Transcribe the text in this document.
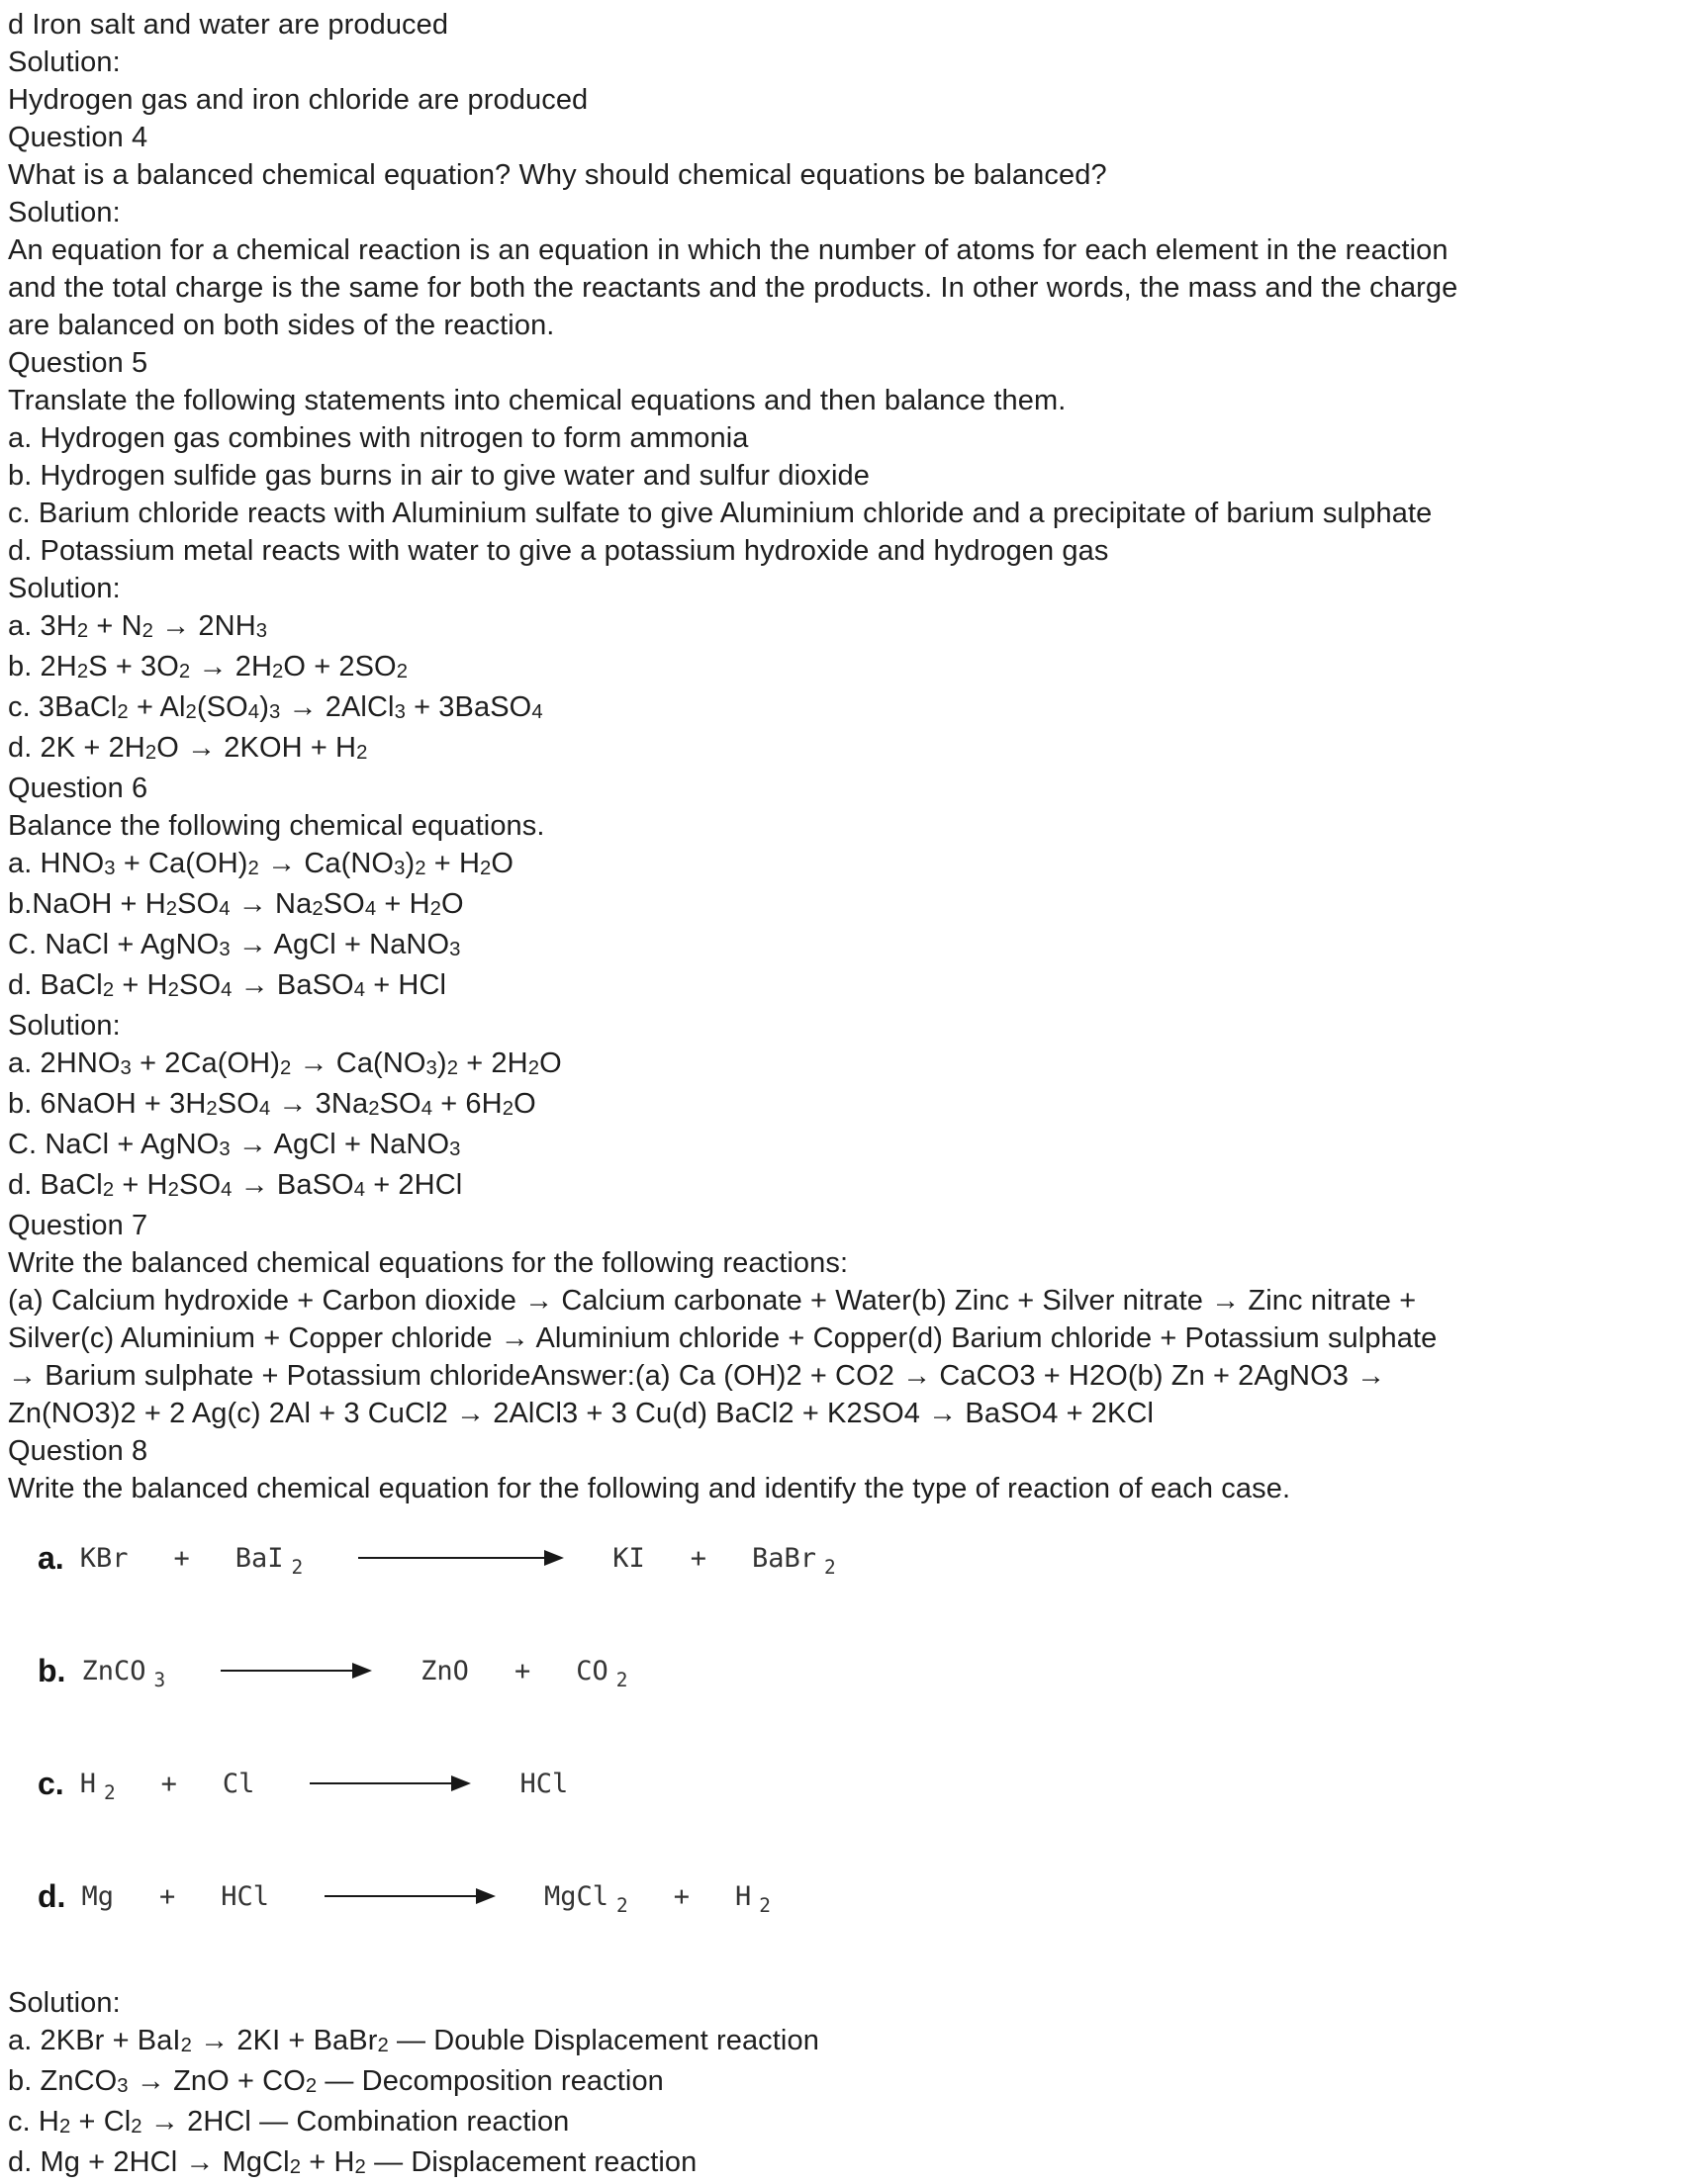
d Iron salt and water are produced
Solution:
Hydrogen gas and iron chloride are produced
Question 4
What is a balanced chemical equation? Why should chemical equations be balanced?
Solution:
An equation for a chemical reaction is an equation in which the number of atoms for each element in the reaction
and the total charge is the same for both the reactants and the products. In other words, the mass and the charge
are balanced on both sides of the reaction.
Question 5
Translate the following statements into chemical equations and then balance them.
a. Hydrogen gas combines with nitrogen to form ammonia
b. Hydrogen sulfide gas burns in air to give water and sulfur dioxide
c. Barium chloride reacts with Aluminium sulfate to give Aluminium chloride and a precipitate of barium sulphate
d. Potassium metal reacts with water to give a potassium hydroxide and hydrogen gas
Solution:
a. 3H2 + N2 → 2NH3
b. 2H2S + 3O2 → 2H2O + 2SO2
c. 3BaCl2 + Al2(SO4)3 → 2AlCl3 + 3BaSO4
d. 2K + 2H2O → 2KOH + H2
Question 6
Balance the following chemical equations.
a. HNO3 + Ca(OH)2 → Ca(NO3)2 + H2O
b.NaOH + H2SO4 → Na2SO4 + H2O
C. NaCl + AgNO3 → AgCl + NaNO3
d. BaCl2 + H2SO4 → BaSO4 + HCl
Solution:
a. 2HNO3 + 2Ca(OH)2 → Ca(NO3)2 + 2H2O
b. 6NaOH + 3H2SO4 → 3Na2SO4 + 6H2O
C. NaCl + AgNO3 → AgCl + NaNO3
d. BaCl2 + H2SO4 → BaSO4 + 2HCl
Question 7
Write the balanced chemical equations for the following reactions:
(a) Calcium hydroxide + Carbon dioxide → Calcium carbonate + Water(b) Zinc + Silver nitrate → Zinc nitrate +
Silver(c) Aluminium + Copper chloride → Aluminium chloride + Copper(d) Barium chloride + Potassium sulphate
→ Barium sulphate + Potassium chlorideAnswer:(a) Ca (OH)2 + CO2 → CaCO3 + H2O(b) Zn + 2AgNO3 →
Zn(NO3)2 + 2 Ag(c) 2Al + 3 CuCl2 → 2AlCl3 + 3 Cu(d) BaCl2 + K2SO4 → BaSO4 + 2KCl
Question 8
Write the balanced chemical equation for the following and identify the type of reaction of each case.
a. KBr + BaI $_2$	KI + BaBr $_2$
b. ZnCO $_3$	ZnO + CO $_2$
c. H $_2$ + Cl	HCl
d. Mg + HCl	MgCl $_2$ + H $_2$
Solution:
a. 2KBr + BaI2 → 2KI + BaBr2 — Double Displacement reaction
b. ZnCO3 → ZnO + CO2 — Decomposition reaction
c. H2 + Cl2 → 2HCl — Combination reaction
d. Mg + 2HCl → MgCl2 + H2 — Displacement reaction
